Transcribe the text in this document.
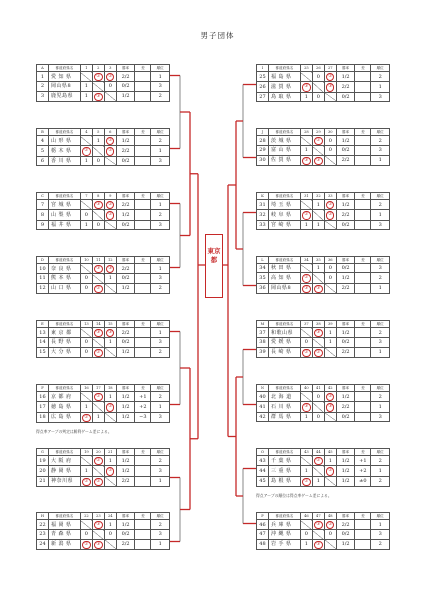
男子団体
東京都
得点率アーブの判定は勝利ゲーム差による。
得点アーブの順位は得点率ゲーム差による。
A	都道府県名	1	2	3	勝率	差	順位
1	愛 知 県		②	②	2/2		1
2	岡山県8	1		0	0/2		3
3	鹿児島県	1	③		1/2		2
B	都道府県名	4	5	6	勝率	差	順位
4	山 形 県		1	②	1/2		2
5	栃 木 県	②		②	2/2		1
6	香 川 県	1	0		0/2		3
C	都道府県名	7	8	9	勝率	差	順位
7	宮 城 県		③	②	2/2		1
8	山 梨 県	0		②	1/2		2
9	福 井 県	1	0		0/2		3
D	都道府県名	10	11	12	勝率	差	順位
10	奈 良 県		③	③	2/2		1
11	熊 本 県	0		1	0/2		3
12	山 口 県	0	②		1/2		2
E	都道府県名	13	14	15	勝率	差	順位
13	東 京 都		③	③	2/2		1
14	長 野 県	0		1	0/2		3
15	大 分 県	0	②		1/2		2
F	都道府県名	16	17	18	勝率	差	順位
16	京 都 府		②	1	1/2	+1	2
17	徳 島 県	1		②	1/2	+2	1
18	広 島 県	②	1		1/2	−3	3
G	都道府県名	19	20	21	勝率	差	順位
19	大 阪 府		②	1	1/2		2
20	静 岡 県	1		②	1/2		3
21	神奈川県	②	②		2/2		1
H	都道府県名	22	23	24	勝率	差	順位
22	福 岡 県		③	1	1/2		2
23	青 森 県	0		0	0/2		3
24	新 潟 県	②	③		2/2		1
I	都道府県名	25	26	27	勝率	差	順位
25	福 島 県		0	②	1/2		2
26	滋 賀 県	③		③	2/2		1
27	鳥 取 県	1	0		0/2		3
J	都道府県名	28	29	30	勝率	差	順位
28	茨 城 県		②	0	1/2		2
29	富 山 県	1		0	0/2		3
30	佐 賀 県	③	③		2/2		1
K	都道府県名	31	32	33	勝率	差	順位
31	埼 玉 県		1	②	1/2		2
32	岐 阜 県	②		②	2/2		1
33	宮 崎 県	1	1		0/2		3
L	都道府県名	34	35	36	勝率	差	順位
34	秋 田 県		1	0	0/2		3
35	高 知 県	②		0	1/2		2
36	岡山県8	③	③		2/2		1
M	都道府県名	37	38	39	勝率	差	順位
37	和歌山県		③	1	1/2		2
38	愛 媛 県	0		1	0/2		3
39	長 崎 県	②	②		2/2		1
N	都道府県名	40	41	42	勝率	差	順位
40	北 海 道		0	②	1/2		2
41	石 川 県	③		③	2/2		1
42	群 馬 県	1	0		0/2		3
O	都道府県名	43	44	45	勝率	差	順位
43	千 葉 県		②	1	1/2	+1	2
44	三 重 県	1		②	1/2	+2	1
45	島 根 県	②	1		1/2	±0	2
P	都道府県名	46	47	48	勝率	差	順位
46	兵 庫 県		③	②	2/2		1
47	沖 縄 県	0		0	0/2		3
48	岩 手 県	1	③		1/2		2
